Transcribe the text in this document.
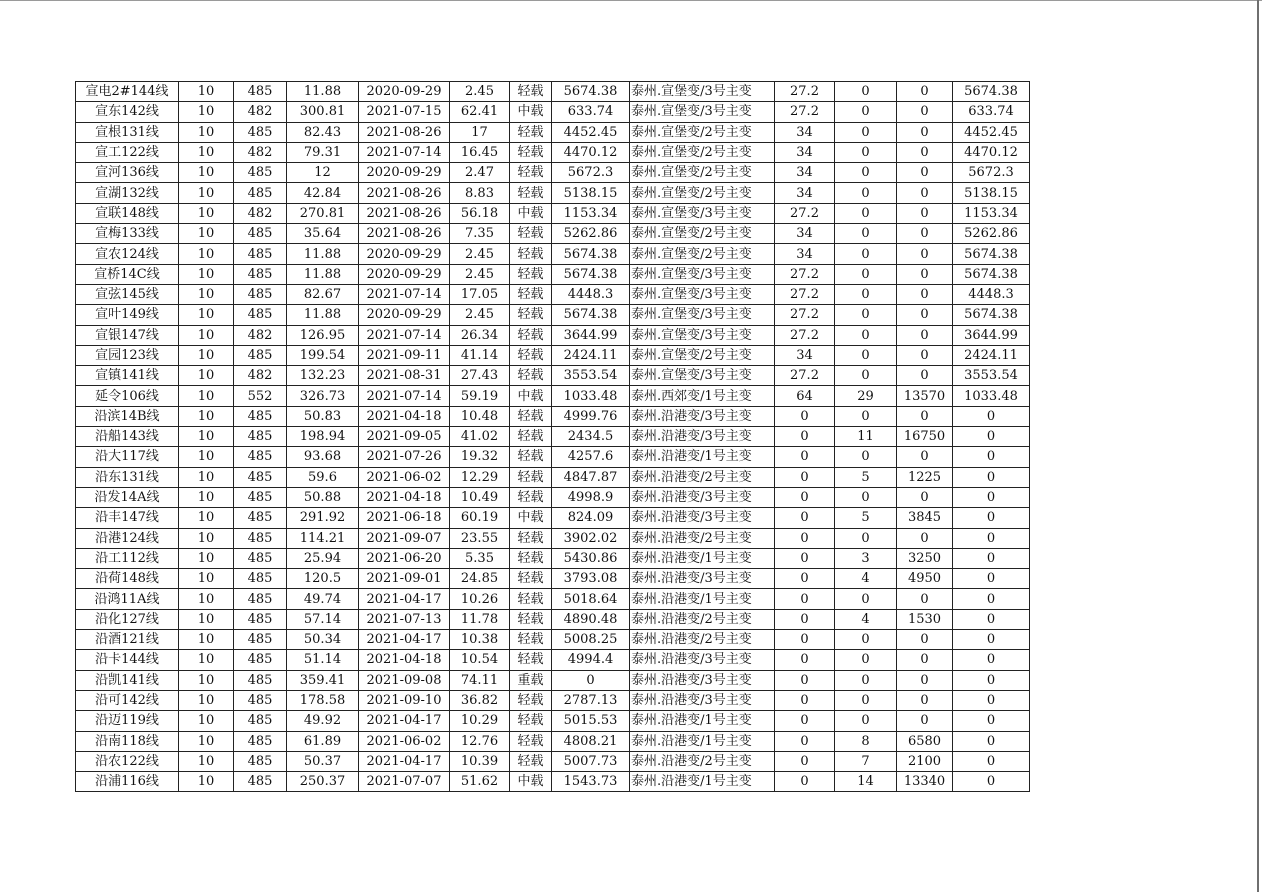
宣电2#144线	10	485	11.88	2020-09-29	2.45	轻载	5674.38	泰州.宣堡变/3号主变	27.2	0	0	5674.38
宣东142线	10	482	300.81	2021-07-15	62.41	中载	633.74	泰州.宣堡变/3号主变	27.2	0	0	633.74
宣根131线	10	485	82.43	2021-08-26	17	轻载	4452.45	泰州.宣堡变/2号主变	34	0	0	4452.45
宣工122线	10	482	79.31	2021-07-14	16.45	轻载	4470.12	泰州.宣堡变/2号主变	34	0	0	4470.12
宣河136线	10	485	12	2020-09-29	2.47	轻载	5672.3	泰州.宣堡变/2号主变	34	0	0	5672.3
宣湖132线	10	485	42.84	2021-08-26	8.83	轻载	5138.15	泰州.宣堡变/2号主变	34	0	0	5138.15
宣联148线	10	482	270.81	2021-08-26	56.18	中载	1153.34	泰州.宣堡变/3号主变	27.2	0	0	1153.34
宣梅133线	10	485	35.64	2021-08-26	7.35	轻载	5262.86	泰州.宣堡变/2号主变	34	0	0	5262.86
宣农124线	10	485	11.88	2020-09-29	2.45	轻载	5674.38	泰州.宣堡变/2号主变	34	0	0	5674.38
宣桥14C线	10	485	11.88	2020-09-29	2.45	轻载	5674.38	泰州.宣堡变/3号主变	27.2	0	0	5674.38
宣弦145线	10	485	82.67	2021-07-14	17.05	轻载	4448.3	泰州.宣堡变/3号主变	27.2	0	0	4448.3
宣叶149线	10	485	11.88	2020-09-29	2.45	轻载	5674.38	泰州.宣堡变/3号主变	27.2	0	0	5674.38
宣银147线	10	482	126.95	2021-07-14	26.34	轻载	3644.99	泰州.宣堡变/3号主变	27.2	0	0	3644.99
宣园123线	10	485	199.54	2021-09-11	41.14	轻载	2424.11	泰州.宣堡变/2号主变	34	0	0	2424.11
宣镇141线	10	482	132.23	2021-08-31	27.43	轻载	3553.54	泰州.宣堡变/3号主变	27.2	0	0	3553.54
延令106线	10	552	326.73	2021-07-14	59.19	中载	1033.48	泰州.西郊变/1号主变	64	29	13570	1033.48
沿滨14B线	10	485	50.83	2021-04-18	10.48	轻载	4999.76	泰州.沿港变/3号主变	0	0	0	0
沿船143线	10	485	198.94	2021-09-05	41.02	轻载	2434.5	泰州.沿港变/3号主变	0	11	16750	0
沿大117线	10	485	93.68	2021-07-26	19.32	轻载	4257.6	泰州.沿港变/1号主变	0	0	0	0
沿东131线	10	485	59.6	2021-06-02	12.29	轻载	4847.87	泰州.沿港变/2号主变	0	5	1225	0
沿发14A线	10	485	50.88	2021-04-18	10.49	轻载	4998.9	泰州.沿港变/3号主变	0	0	0	0
沿丰147线	10	485	291.92	2021-06-18	60.19	中载	824.09	泰州.沿港变/3号主变	0	5	3845	0
沿港124线	10	485	114.21	2021-09-07	23.55	轻载	3902.02	泰州.沿港变/2号主变	0	0	0	0
沿工112线	10	485	25.94	2021-06-20	5.35	轻载	5430.86	泰州.沿港变/1号主变	0	3	3250	0
沿荷148线	10	485	120.5	2021-09-01	24.85	轻载	3793.08	泰州.沿港变/3号主变	0	4	4950	0
沿鸿11A线	10	485	49.74	2021-04-17	10.26	轻载	5018.64	泰州.沿港变/1号主变	0	0	0	0
沿化127线	10	485	57.14	2021-07-13	11.78	轻载	4890.48	泰州.沿港变/2号主变	0	4	1530	0
沿酒121线	10	485	50.34	2021-04-17	10.38	轻载	5008.25	泰州.沿港变/2号主变	0	0	0	0
沿卡144线	10	485	51.14	2021-04-18	10.54	轻载	4994.4	泰州.沿港变/3号主变	0	0	0	0
沿凯141线	10	485	359.41	2021-09-08	74.11	重载	0	泰州.沿港变/3号主变	0	0	0	0
沿可142线	10	485	178.58	2021-09-10	36.82	轻载	2787.13	泰州.沿港变/3号主变	0	0	0	0
沿迈119线	10	485	49.92	2021-04-17	10.29	轻载	5015.53	泰州.沿港变/1号主变	0	0	0	0
沿南118线	10	485	61.89	2021-06-02	12.76	轻载	4808.21	泰州.沿港变/1号主变	0	8	6580	0
沿农122线	10	485	50.37	2021-04-17	10.39	轻载	5007.73	泰州.沿港变/2号主变	0	7	2100	0
沿浦116线	10	485	250.37	2021-07-07	51.62	中载	1543.73	泰州.沿港变/1号主变	0	14	13340	0
